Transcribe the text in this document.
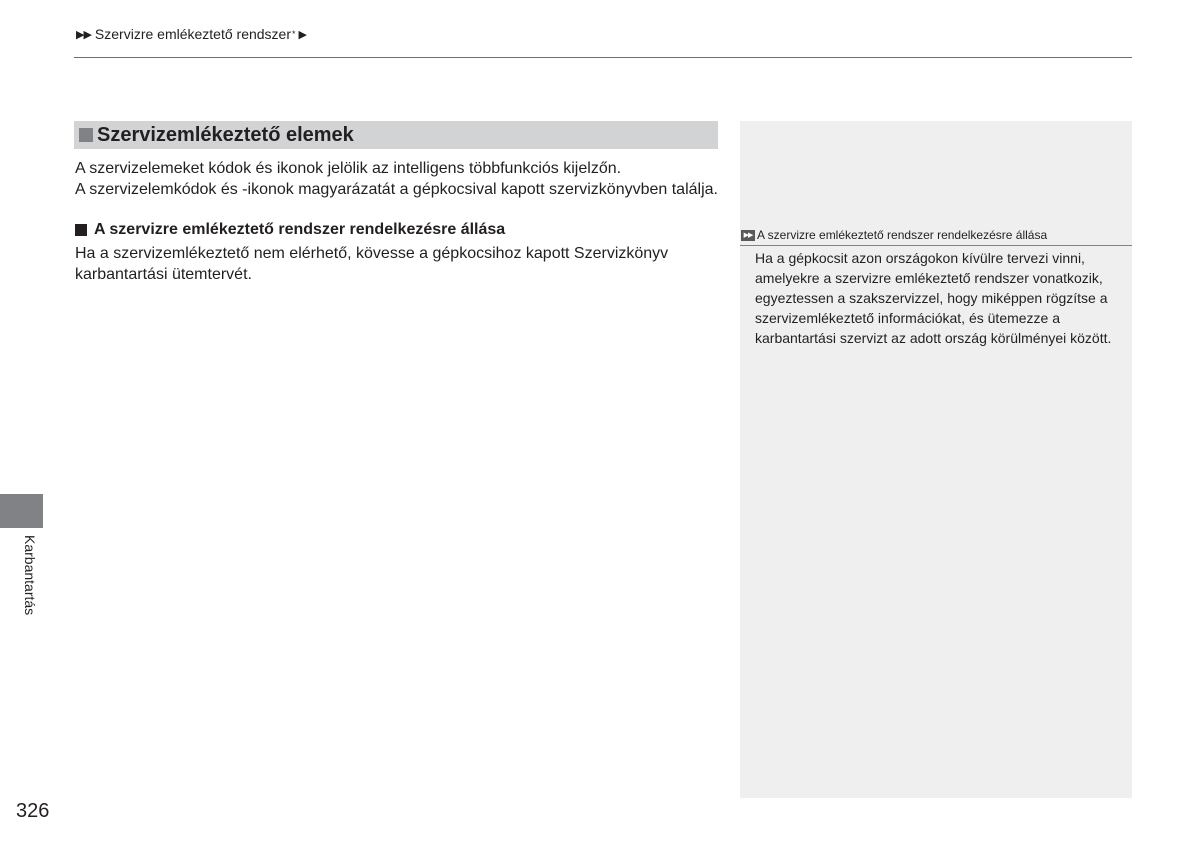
▶▶ Szervizre emlékeztető rendszer * ▶
Szervizemlékeztető elemek
A szervizelemeket kódok és ikonok jelölik az intelligens többfunkciós kijelzőn.
A szervizelemkódok és -ikonok magyarázatát a gépkocsival kapott szervizkönyvben találja.
A szervizre emlékeztető rendszer rendelkezésre állása
Ha a szervizemlékeztető nem elérhető, kövesse a gépkocsihoz kapott Szervizkönyv
karbantartási ütemtervét.
▶▶ A szervizre emlékeztető rendszer rendelkezésre állása
Ha a gépkocsit azon országokon kívülre tervezi vinni,
amelyekre a szervizre emlékeztető rendszer vonatkozik,
egyeztessen a szakszervizzel, hogy miképpen rögzítse a
szervizemlékeztető információkat, és ütemezze a
karbantartási szervizt az adott ország körülményei között.
Karbantartás
326
